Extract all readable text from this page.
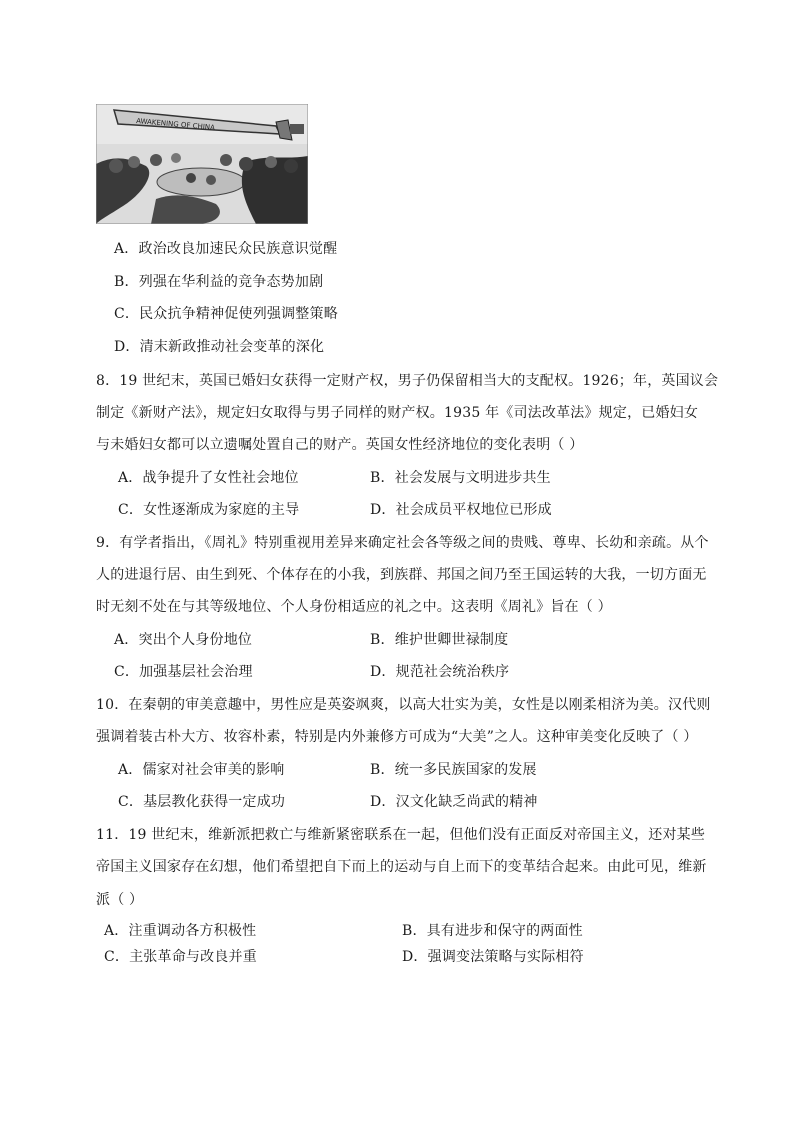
AWAKENING OF CHINA
A．政治改良加速民众民族意识觉醒
B．列强在华利益的竞争态势加剧
C．民众抗争精神促使列强调整策略
D．清末新政推动社会变革的深化
8．19 世纪末，英国已婚妇女获得一定财产权，男子仍保留相当大的支配权。1926；年，英国议会
制定《新财产法》，规定妇女取得与男子同样的财产权。1935 年《司法改革法》规定，已婚妇女
与未婚妇女都可以立遗嘱处置自己的财产。英国女性经济地位的变化表明（ ）
A．战争提升了女性社会地位	B．社会发展与文明进步共生
C．女性逐渐成为家庭的主导	D．社会成员平权地位已形成
9．有学者指出，《周礼》特别重视用差异来确定社会各等级之间的贵贱、尊卑、长幼和亲疏。从个
人的进退行居、由生到死、个体存在的小我，到族群、邦国之间乃至王国运转的大我，一切方面无
时无刻不处在与其等级地位、个人身份相适应的礼之中。这表明《周礼》旨在（ ）
A．突出个人身份地位	B．维护世卿世禄制度
C．加强基层社会治理	D．规范社会统治秩序
10．在秦朝的审美意趣中，男性应是英姿飒爽，以高大壮实为美，女性是以刚柔相济为美。汉代则
强调着装古朴大方、妆容朴素，特别是内外兼修方可成为“大美”之人。这种审美变化反映了（ ）
A．儒家对社会审美的影响	B．统一多民族国家的发展
C．基层教化获得一定成功	D．汉文化缺乏尚武的精神
11．19 世纪末，维新派把救亡与维新紧密联系在一起，但他们没有正面反对帝国主义，还对某些
帝国主义国家存在幻想，他们希望把自下而上的运动与自上而下的变革结合起来。由此可见，维新
派（ ）
A．注重调动各方积极性	B．具有进步和保守的两面性
C．主张革命与改良并重	D．强调变法策略与实际相符
